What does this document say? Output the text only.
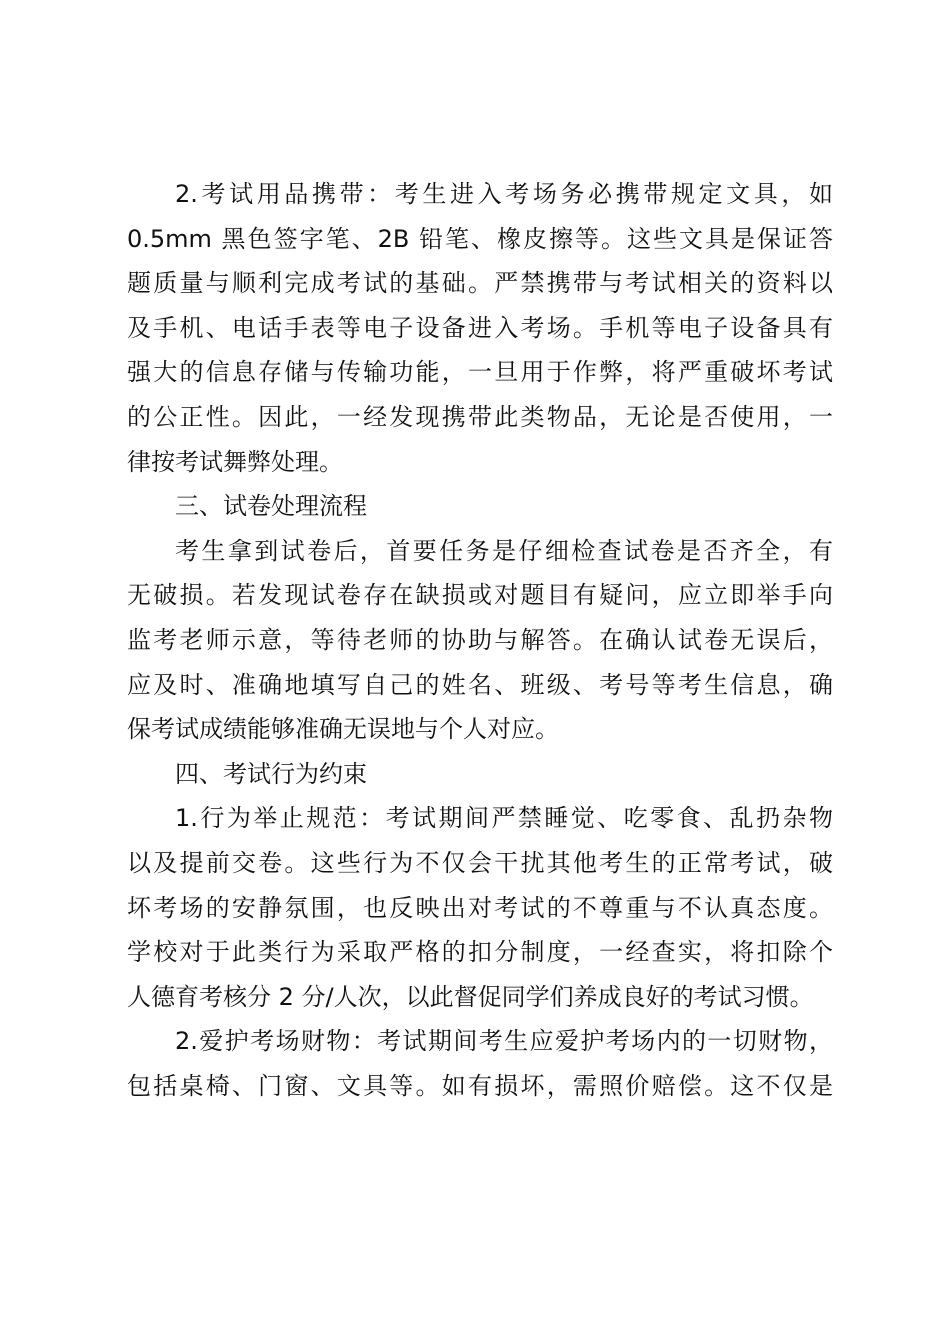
2.考试用品携带：考生进入考场务必携带规定文具，如
0.5mm 黑色签字笔、2B 铅笔、橡皮擦等。这些文具是保证答
题质量与顺利完成考试的基础。严禁携带与考试相关的资料以
及手机、电话手表等电子设备进入考场。手机等电子设备具有
强大的信息存储与传输功能，一旦用于作弊，将严重破坏考试
的公正性。因此，一经发现携带此类物品，无论是否使用，一
律按考试舞弊处理。
三、试卷处理流程
考生拿到试卷后，首要任务是仔细检查试卷是否齐全，有
无破损。若发现试卷存在缺损或对题目有疑问，应立即举手向
监考老师示意，等待老师的协助与解答。在确认试卷无误后，
应及时、准确地填写自己的姓名、班级、考号等考生信息，确
保考试成绩能够准确无误地与个人对应。
四、考试行为约束
1.行为举止规范：考试期间严禁睡觉、吃零食、乱扔杂物
以及提前交卷。这些行为不仅会干扰其他考生的正常考试，破
坏考场的安静氛围，也反映出对考试的不尊重与不认真态度。
学校对于此类行为采取严格的扣分制度，一经查实，将扣除个
人德育考核分 2 分/人次，以此督促同学们养成良好的考试习惯。
2.爱护考场财物：考试期间考生应爱护考场内的一切财物，
包括桌椅、门窗、文具等。如有损坏，需照价赔偿。这不仅是
